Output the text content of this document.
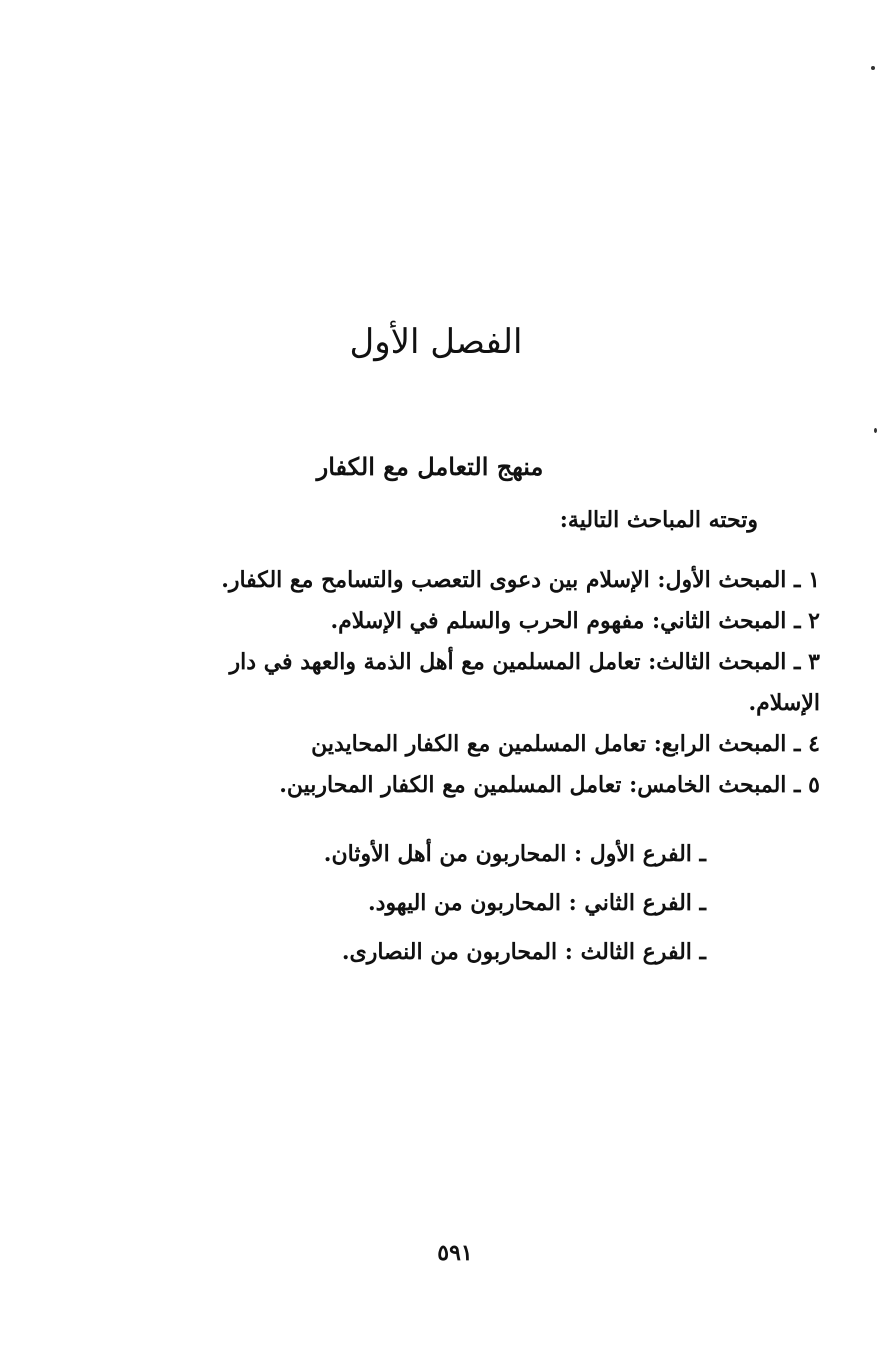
الفصل الأول
منهج التعامل مع الكفار

وتحته المباحث التالية:

١ ـ المبحث الأول: الإسلام بين دعوى التعصب والتسامح مع الكفار.
٢ ـ المبحث الثاني: مفهوم الحرب والسلم في الإسلام.
٣ ـ المبحث الثالث: تعامل المسلمين مع أهل الذمة والعهد في دار
الإسلام.
٤ ـ المبحث الرابع: تعامل المسلمين مع الكفار المحايدين
٥ ـ المبحث الخامس: تعامل المسلمين مع الكفار المحاربين.
ـ الفرع الأول : المحاربون من أهل الأوثان.
ـ الفرع الثاني : المحاربون من اليهود.
ـ الفرع الثالث : المحاربون من النصارى.
٥٩١
